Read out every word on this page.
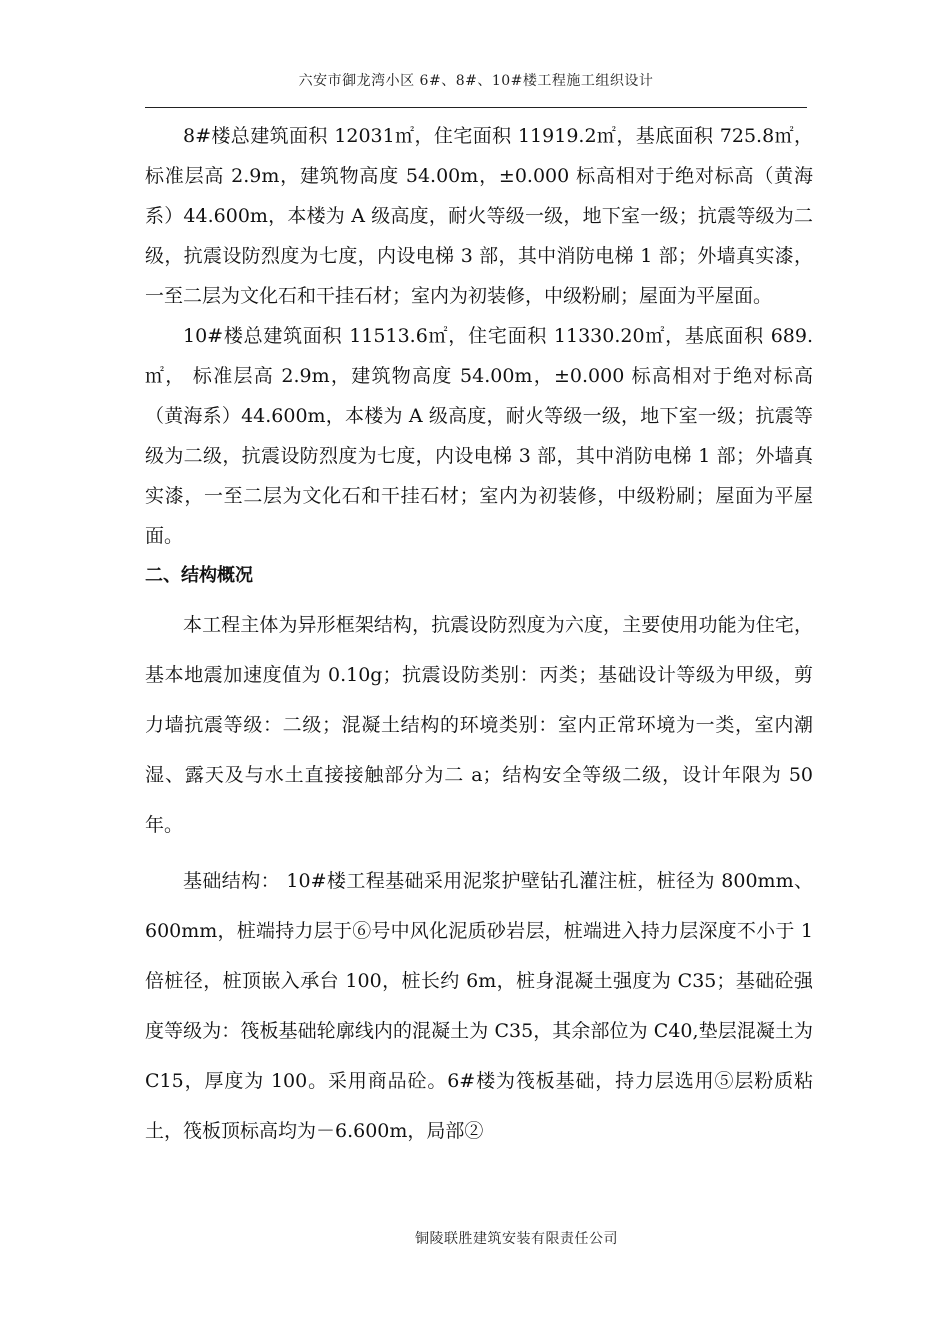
六安市御龙湾小区 6#、8#、10#楼工程施工组织设计

8#楼总建筑面积 12031㎡，住宅面积 11919.2㎡，基底面积 725.8㎡， 标准层高 2.9m，建筑物高度 54.00m，±0.000 标高相对于绝对标高（黄海系）44.600m，本楼为 A 级高度，耐火等级一级，地下室一级；抗震等级为二级，抗震设防烈度为七度，内设电梯 3 部，其中消防电梯 1 部；外墙真实漆，一至二层为文化石和干挂石材；室内为初装修，中级粉刷；屋面为平屋面。

10#楼总建筑面积 11513.6㎡，住宅面积 11330.20㎡，基底面积 689.㎡， 标准层高 2.9m，建筑物高度 54.00m，±0.000 标高相对于绝对标高（黄海系）44.600m，本楼为 A 级高度，耐火等级一级，地下室一级；抗震等级为二级，抗震设防烈度为七度，内设电梯 3 部，其中消防电梯 1 部；外墙真实漆，一至二层为文化石和干挂石材；室内为初装修，中级粉刷；屋面为平屋面。

二、结构概况

本工程主体为异形框架结构，抗震设防烈度为六度，主要使用功能为住宅，基本地震加速度值为 0.10g；抗震设防类别：丙类；基础设计等级为甲级，剪力墙抗震等级：二级；混凝土结构的环境类别：室内正常环境为一类，室内潮湿、露天及与水土直接接触部分为二 a；结构安全等级二级，设计年限为 50 年。

基础结构： 10#楼工程基础采用泥浆护壁钻孔灌注桩，桩径为 800mm、600mm，桩端持力层于⑥号中风化泥质砂岩层，桩端进入持力层深度不小于 1 倍桩径，桩顶嵌入承台 100，桩长约 6m，桩身混凝土强度为 C35；基础砼强度等级为：筏板基础轮廓线内的混凝土为 C35，其余部位为 C40,垫层混凝土为 C15，厚度为 100。采用商品砼。6#楼为筏板基础，持力层选用⑤层粉质粘土，筏板顶标高均为－6.600m，局部②

铜陵联胜建筑安装有限责任公司
